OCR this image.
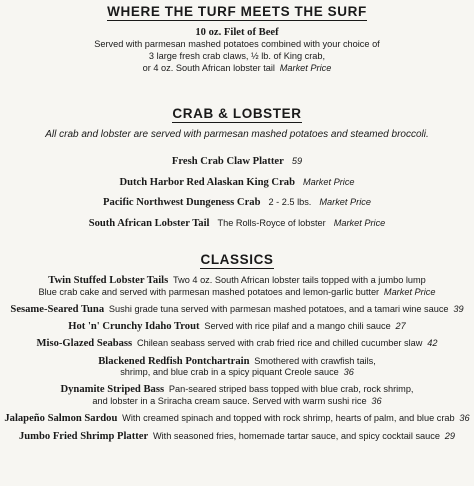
WHERE THE TURF MEETS THE SURF
10 oz. Filet of Beef
Served with parmesan mashed potatoes combined with your choice of
3 large fresh crab claws, ½ lb. of King crab,
or 4 oz. South African lobster tail Market Price
CRAB & LOBSTER
All crab and lobster are served with parmesan mashed potatoes and steamed broccoli.
Fresh Crab Claw Platter 59
Dutch Harbor Red Alaskan King Crab Market Price
Pacific Northwest Dungeness Crab 2 - 2.5 lbs. Market Price
South African Lobster Tail The Rolls-Royce of lobster Market Price
CLASSICS
Twin Stuffed Lobster Tails Two 4 oz. South African lobster tails topped with a jumbo lump
Blue crab cake and served with parmesan mashed potatoes and lemon-garlic butter Market Price
Sesame-Seared Tuna Sushi grade tuna served with parmesan mashed potatoes, and a tamari wine sauce 39
Hot 'n' Crunchy Idaho Trout Served with rice pilaf and a mango chili sauce 27
Miso-Glazed Seabass Chilean seabass served with crab fried rice and chilled cucumber slaw 42
Blackened Redfish Pontchartrain Smothered with crawfish tails,
shrimp, and blue crab in a spicy piquant Creole sauce 36
Dynamite Striped Bass Pan-seared striped bass topped with blue crab, rock shrimp,
and lobster in a Sriracha cream sauce. Served with warm sushi rice 36
Jalapeño Salmon Sardou With creamed spinach and topped with rock shrimp, hearts of palm, and blue crab 36
Jumbo Fried Shrimp Platter With seasoned fries, homemade tartar sauce, and spicy cocktail sauce 29
